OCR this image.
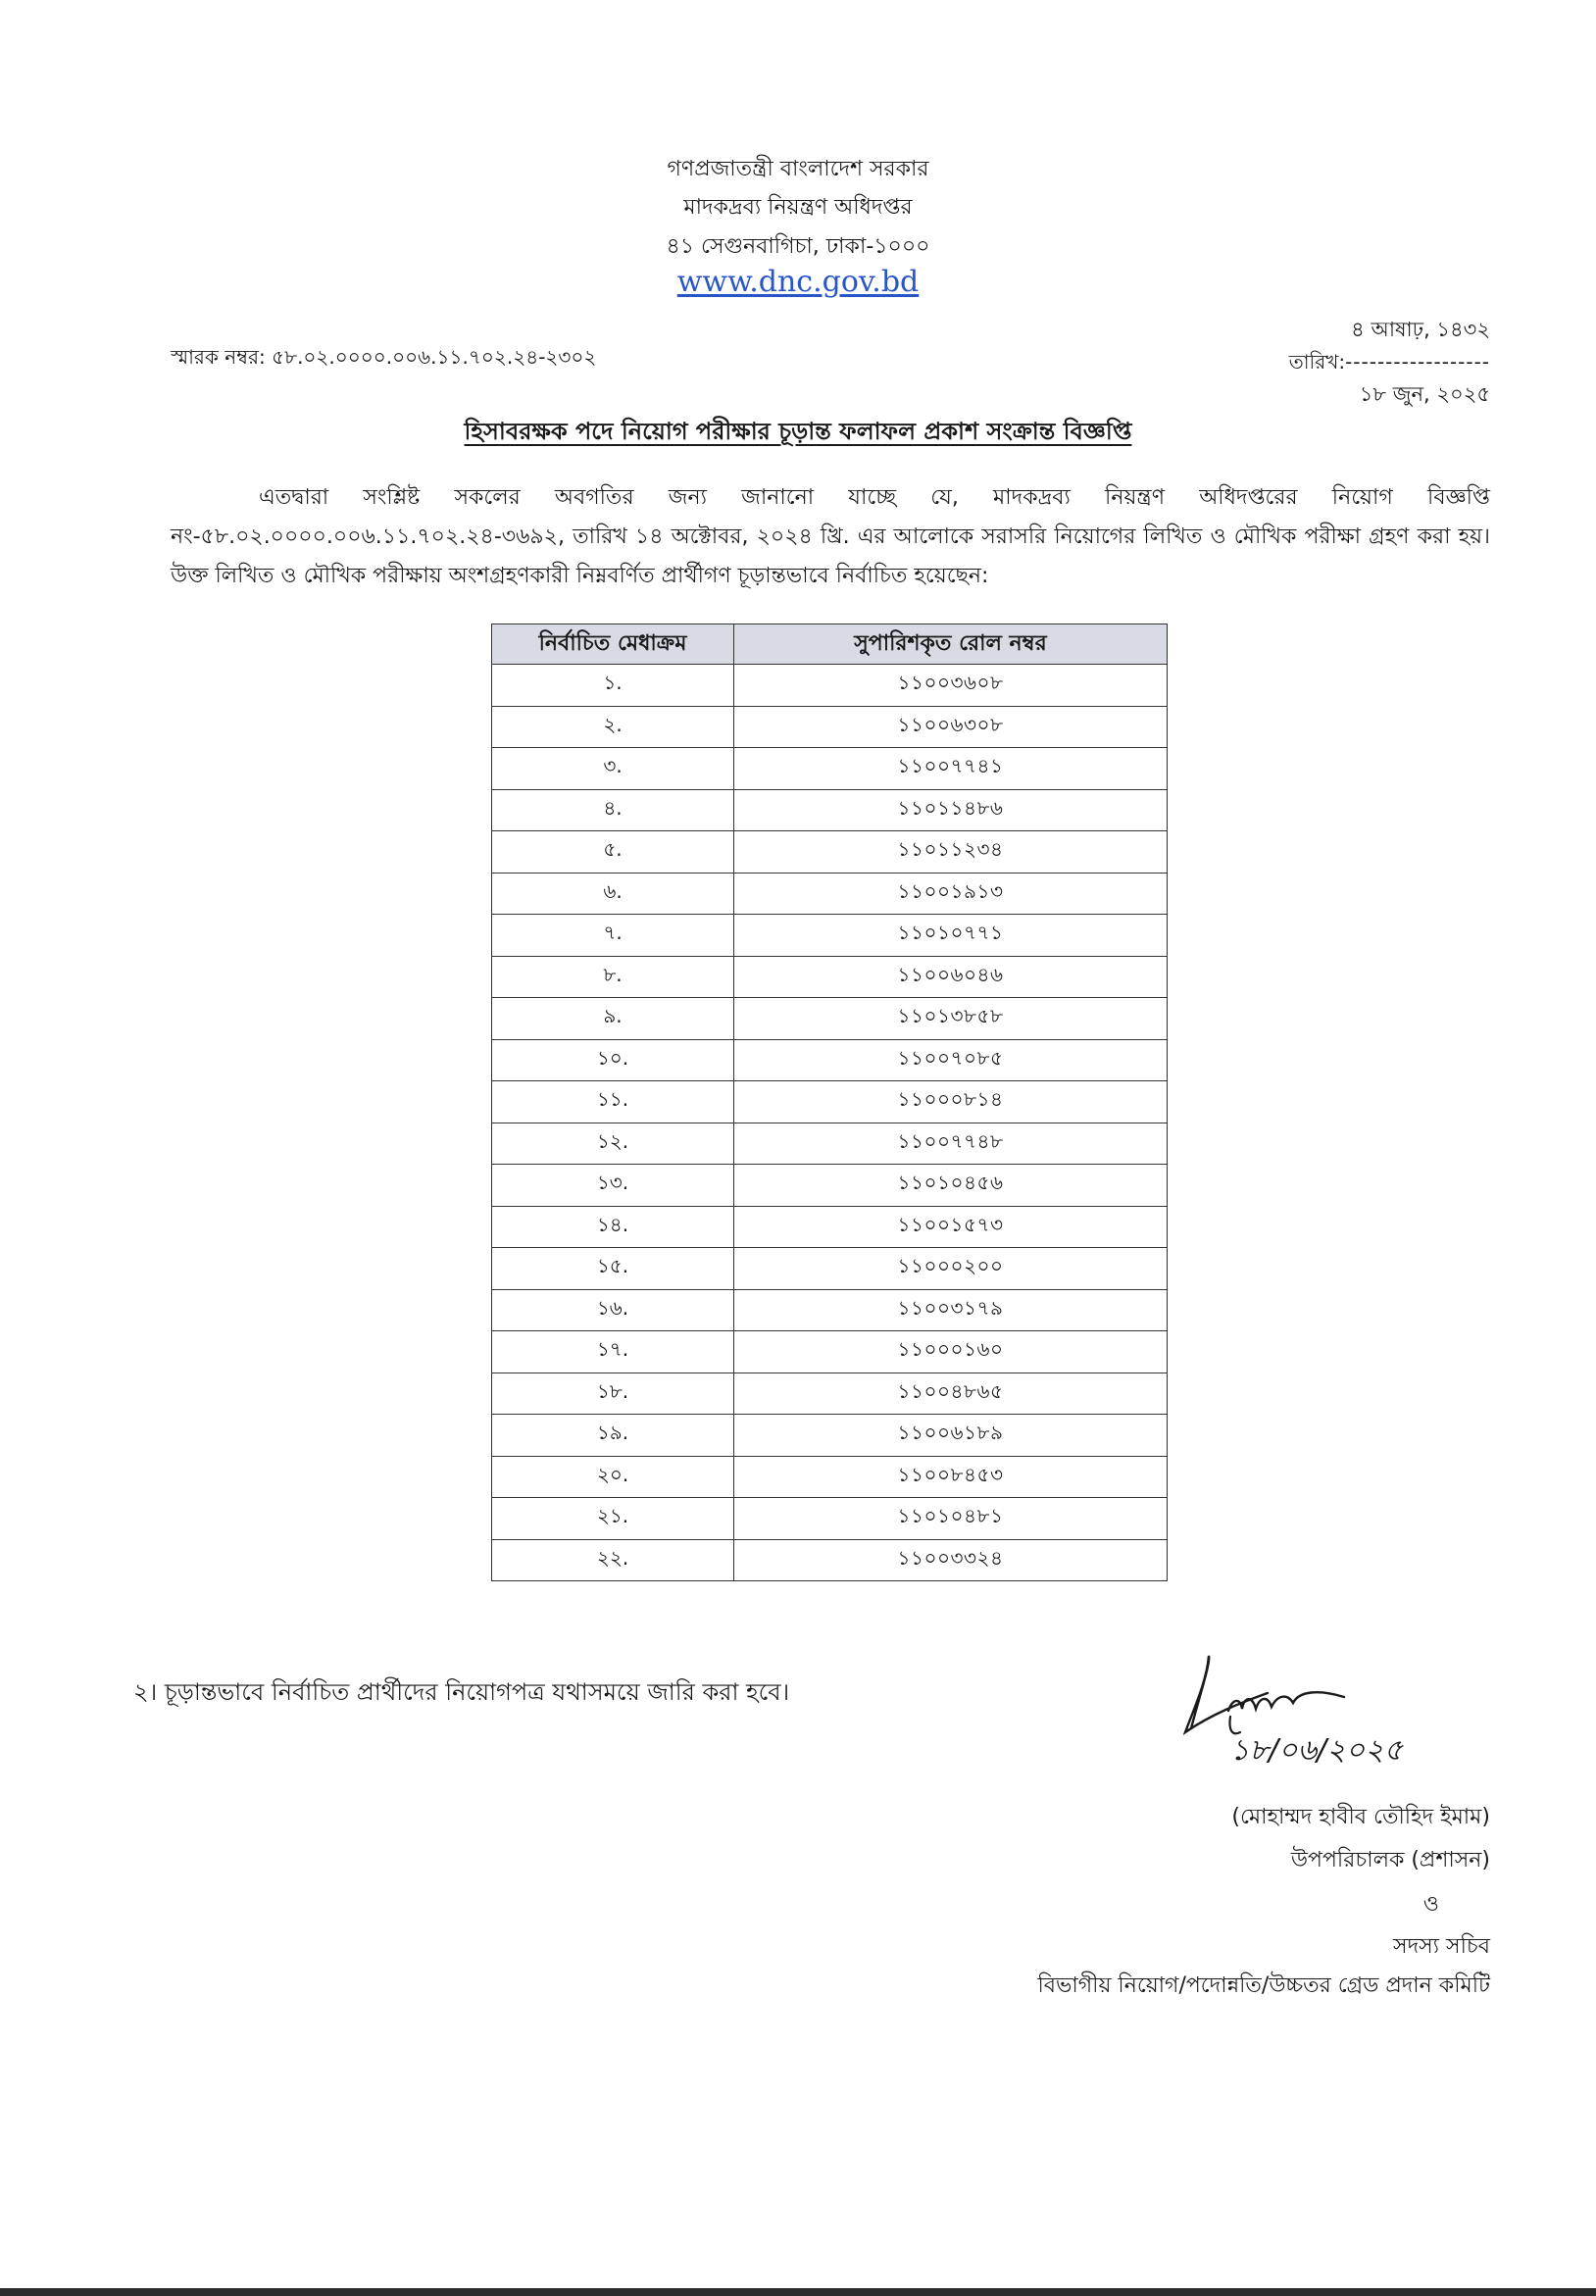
গণপ্রজাতন্ত্রী বাংলাদেশ সরকার
মাদকদ্রব্য নিয়ন্ত্রণ অধিদপ্তর
৪১ সেগুনবাগিচা, ঢাকা-১০০০
www.dnc.gov.bd
স্মারক নম্বর: ৫৮.০২.০০০০.০০৬.১১.৭০২.২৪-২৩০২
৪ আষাঢ়, ১৪৩২
তারিখ:------------------
১৮ জুন, ২০২৫
হিসাবরক্ষক পদে নিয়োগ পরীক্ষার চূড়ান্ত ফলাফল প্রকাশ সংক্রান্ত বিজ্ঞপ্তি
এতদ্বারা সংশ্লিষ্ট সকলের অবগতির জন্য জানানো যাচ্ছে যে, মাদকদ্রব্য নিয়ন্ত্রণ অধিদপ্তরের নিয়োগ বিজ্ঞপ্তি নং-৫৮.০২.০০০০.০০৬.১১.৭০২.২৪-৩৬৯২, তারিখ ১৪ অক্টোবর, ২০২৪ খ্রি. এর আলোকে সরাসরি নিয়োগের লিখিত ও মৌখিক পরীক্ষা গ্রহণ করা হয়। উক্ত লিখিত ও মৌখিক পরীক্ষায় অংশগ্রহণকারী নিম্নবর্ণিত প্রার্থীগণ চূড়ান্তভাবে নির্বাচিত হয়েছেন:
নির্বাচিত মেধাক্রম	সুপারিশকৃত রোল নম্বর
১.	১১০০৩৬০৮
২.	১১০০৬৩০৮
৩.	১১০০৭৭৪১
৪.	১১০১১৪৮৬
৫.	১১০১১২৩৪
৬.	১১০০১৯১৩
৭.	১১০১০৭৭১
৮.	১১০০৬০৪৬
৯.	১১০১৩৮৫৮
১০.	১১০০৭০৮৫
১১.	১১০০০৮১৪
১২.	১১০০৭৭৪৮
১৩.	১১০১০৪৫৬
১৪.	১১০০১৫৭৩
১৫.	১১০০০২০০
১৬.	১১০০৩১৭৯
১৭.	১১০০০১৬০
১৮.	১১০০৪৮৬৫
১৯.	১১০০৬১৮৯
২০.	১১০০৮৪৫৩
২১.	১১০১০৪৮১
২২.	১১০০৩৩২৪
২। চূড়ান্তভাবে নির্বাচিত প্রার্থীদের নিয়োগপত্র যথাসময়ে জারি করা হবে।
১৮/০৬/২০২৫
(মোহাম্মদ হাবীব তৌহিদ ইমাম)
উপপরিচালক (প্রশাসন)
ও
সদস্য সচিব
বিভাগীয় নিয়োগ/পদোন্নতি/উচ্চতর গ্রেড প্রদান কমিটি
